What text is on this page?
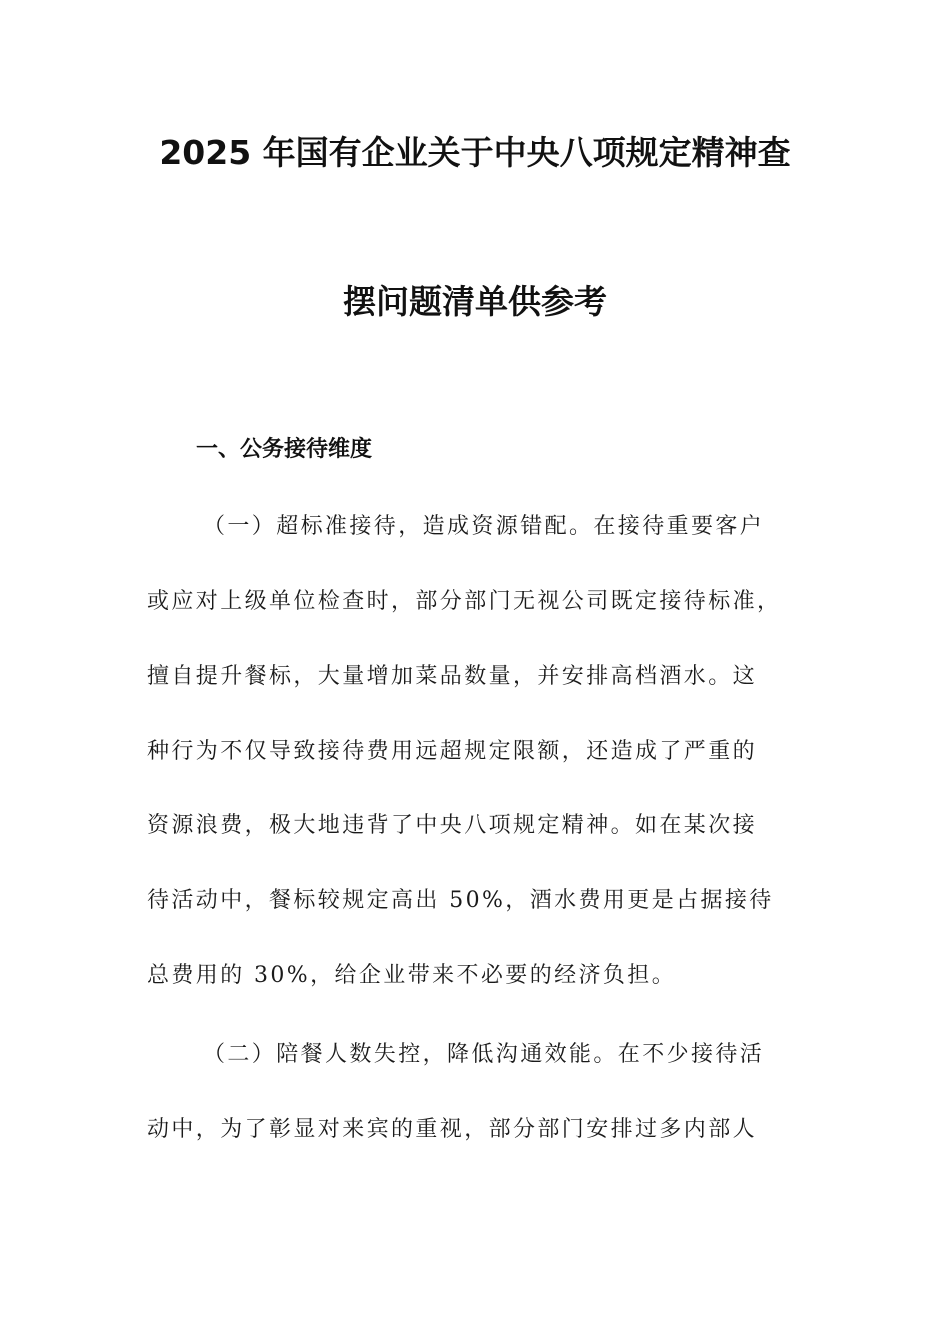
2025 年国有企业关于中央八项规定精神查
摆问题清单供参考
一、公务接待维度
（一）超标准接待，造成资源错配。在接待重要客户
或应对上级单位检查时，部分部门无视公司既定接待标准，
擅自提升餐标，大量增加菜品数量，并安排高档酒水。这
种行为不仅导致接待费用远超规定限额，还造成了严重的
资源浪费，极大地违背了中央八项规定精神。如在某次接
待活动中，餐标较规定高出 50%，酒水费用更是占据接待
总费用的 30%，给企业带来不必要的经济负担。
（二）陪餐人数失控，降低沟通效能。在不少接待活
动中，为了彰显对来宾的重视，部分部门安排过多内部人
